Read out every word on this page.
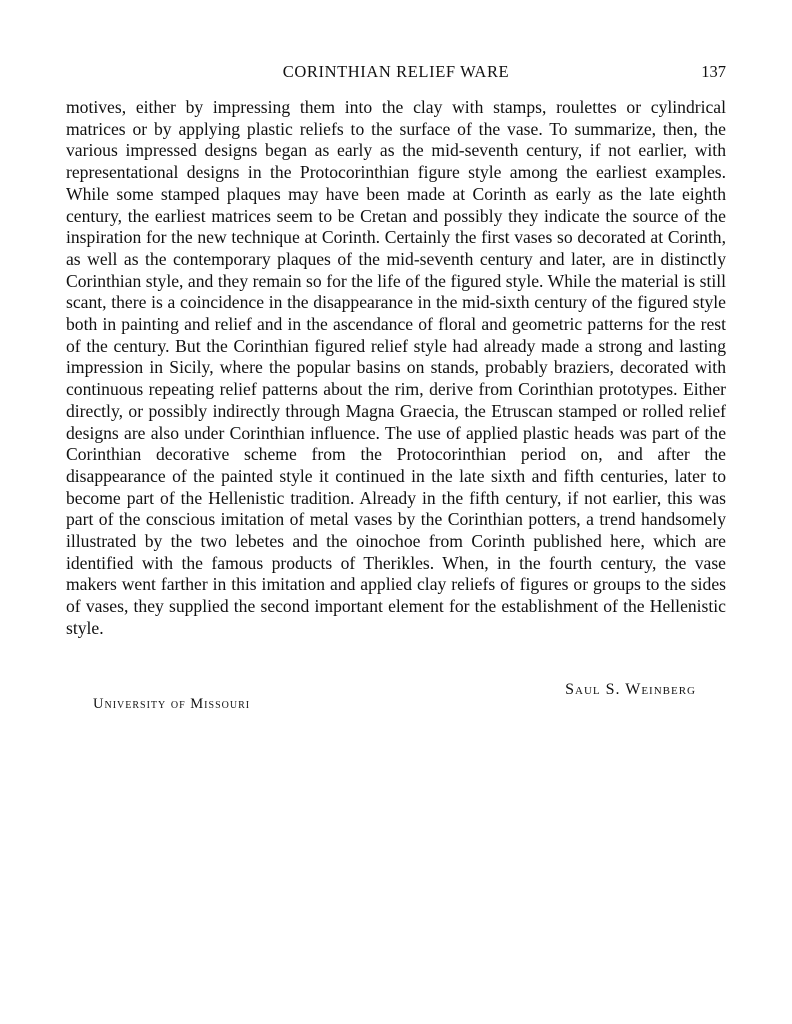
CORINTHIAN RELIEF WARE	137

motives, either by impressing them into the clay with stamps, roulettes or cylindrical matrices or by applying plastic reliefs to the surface of the vase. To summarize, then, the various impressed designs began as early as the mid-seventh century, if not earlier, with representational designs in the Protocorinthian figure style among the earliest examples. While some stamped plaques may have been made at Corinth as early as the late eighth century, the earliest matrices seem to be Cretan and possibly they indicate the source of the inspiration for the new technique at Corinth. Certainly the first vases so decorated at Corinth, as well as the contemporary plaques of the mid-seventh century and later, are in distinctly Corinthian style, and they remain so for the life of the figured style. While the material is still scant, there is a coincidence in the disappearance in the mid-sixth century of the figured style both in painting and relief and in the ascendance of floral and geometric patterns for the rest of the century. But the Corinthian figured relief style had already made a strong and lasting impression in Sicily, where the popular basins on stands, probably braziers, decorated with continuous repeating relief patterns about the rim, derive from Corinthian prototypes. Either directly, or possibly indirectly through Magna Graecia, the Etruscan stamped or rolled relief designs are also under Corinthian influence. The use of applied plastic heads was part of the Corinthian decorative scheme from the Protocorinthian period on, and after the disappearance of the painted style it continued in the late sixth and fifth centuries, later to become part of the Hellenistic tradition. Already in the fifth century, if not earlier, this was part of the conscious imitation of metal vases by the Corinthian potters, a trend handsomely illustrated by the two lebetes and the oinochoe from Corinth published here, which are identified with the famous products of Therikles. When, in the fourth century, the vase makers went farther in this imitation and applied clay reliefs of figures or groups to the sides of vases, they supplied the second important element for the establishment of the Hellenistic style.

Saul S. Weinberg
University of Missouri
